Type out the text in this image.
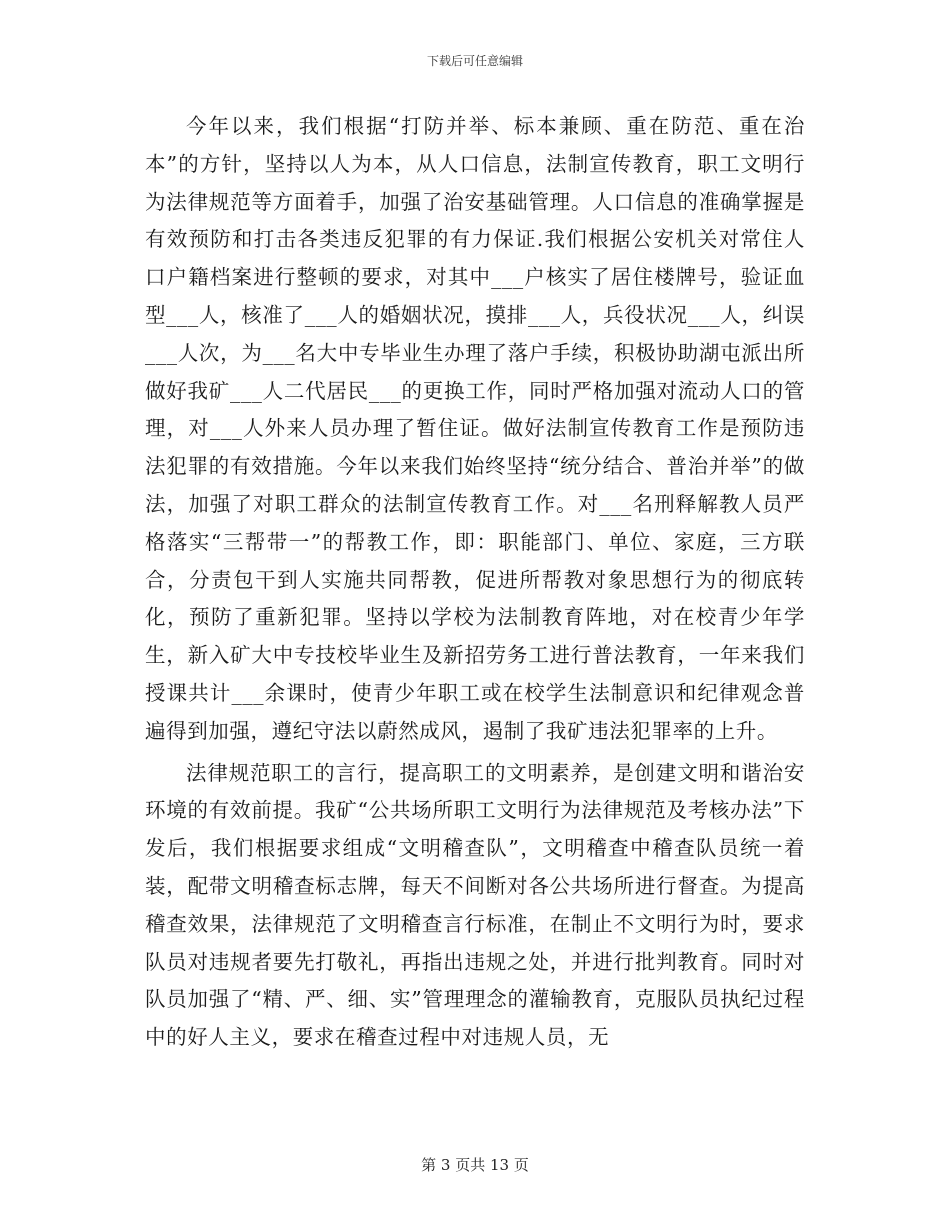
下载后可任意编辑

今年以来，我们根据“打防并举、标本兼顾、重在防范、重在治本”的方针，坚持以人为本，从人口信息，法制宣传教育，职工文明行为法律规范等方面着手，加强了治安基础管理。人口信息的准确掌握是有效预防和打击各类违反犯罪的有力保证.我们根据公安机关对常住人口户籍档案进行整顿的要求，对其中___户核实了居住楼牌号，验证血型___人，核准了___人的婚姻状况，摸排___人，兵役状况___人，纠误___人次，为___名大中专毕业生办理了落户手续，积极协助湖屯派出所做好我矿___人二代居民___的更换工作，同时严格加强对流动人口的管理，对___人外来人员办理了暂住证。做好法制宣传教育工作是预防违法犯罪的有效措施。今年以来我们始终坚持“统分结合、普治并举”的做法，加强了对职工群众的法制宣传教育工作。对___名刑释解教人员严格落实“三帮带一”的帮教工作，即：职能部门、单位、家庭，三方联合，分责包干到人实施共同帮教，促进所帮教对象思想行为的彻底转化，预防了重新犯罪。坚持以学校为法制教育阵地，对在校青少年学生，新入矿大中专技校毕业生及新招劳务工进行普法教育，一年来我们授课共计___余课时，使青少年职工或在校学生法制意识和纪律观念普遍得到加强，遵纪守法以蔚然成风，遏制了我矿违法犯罪率的上升。

法律规范职工的言行，提高职工的文明素养，是创建文明和谐治安环境的有效前提。我矿“公共场所职工文明行为法律规范及考核办法”下发后，我们根据要求组成“文明稽查队”，文明稽查中稽查队员统一着装，配带文明稽查标志牌，每天不间断对各公共场所进行督查。为提高稽查效果，法律规范了文明稽查言行标准，在制止不文明行为时，要求队员对违规者要先打敬礼，再指出违规之处，并进行批判教育。同时对队员加强了“精、严、细、实”管理理念的灌输教育，克服队员执纪过程中的好人主义，要求在稽查过程中对违规人员，无

第 3 页共 13 页
